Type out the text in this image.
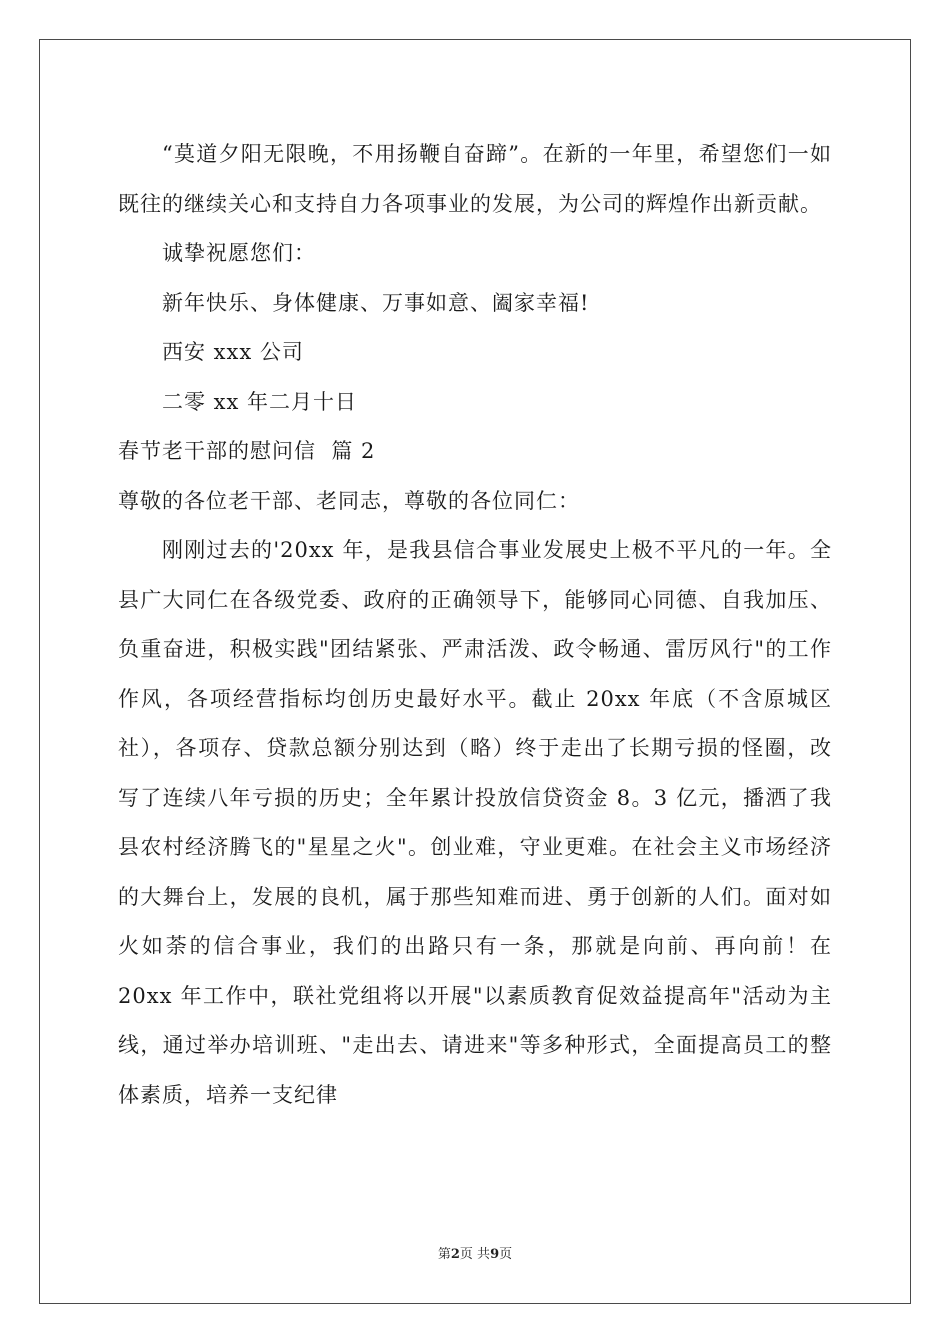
“莫道夕阳无限晚，不用扬鞭自奋蹄”。在新的一年里，希望您们一如既往的继续关心和支持自力各项事业的发展，为公司的辉煌作出新贡献。

诚挚祝愿您们：

新年快乐、身体健康、万事如意、阖家幸福!

西安 xxx 公司

二零 xx 年二月十日

春节老干部的慰问信  篇 2

尊敬的各位老干部、老同志，尊敬的各位同仁：

刚刚过去的'20xx 年，是我县信合事业发展史上极不平凡的一年。全县广大同仁在各级党委、政府的正确领导下，能够同心同德、自我加压、负重奋进，积极实践"团结紧张、严肃活泼、政令畅通、雷厉风行"的工作作风，各项经营指标均创历史最好水平。截止 20xx 年底（不含原城区社），各项存、贷款总额分别达到（略）终于走出了长期亏损的怪圈，改写了连续八年亏损的历史；全年累计投放信贷资金 8。3 亿元，播洒了我县农村经济腾飞的"星星之火"。创业难，守业更难。在社会主义市场经济的大舞台上，发展的良机，属于那些知难而进、勇于创新的人们。面对如火如荼的信合事业，我们的出路只有一条，那就是向前、再向前！在 20xx 年工作中，联社党组将以开展"以素质教育促效益提高年"活动为主线，通过举办培训班、"走出去、请进来"等多种形式，全面提高员工的整体素质，培养一支纪律

第2页 共9页
